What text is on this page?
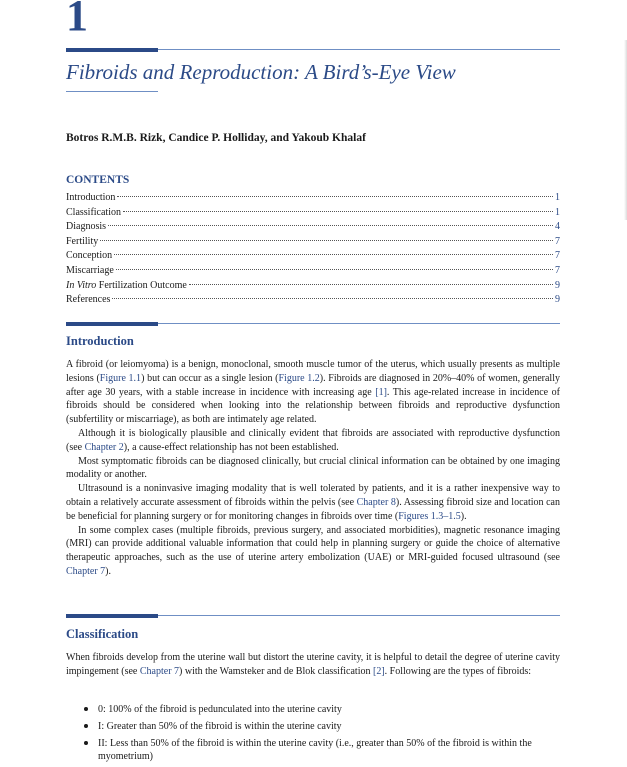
1
Fibroids and Reproduction: A Bird’s-Eye View
Botros R.M.B. Rizk, Candice P. Holliday, and Yakoub Khalaf
CONTENTS
Introduction	1
Classification	1
Diagnosis	4
Fertility	7
Conception	7
Miscarriage	7
In Vitro Fertilization Outcome	9
References	9
Introduction

A fibroid (or leiomyoma) is a benign, monoclonal, smooth muscle tumor of the uterus, which usually presents as multiple lesions (Figure 1.1) but can occur as a single lesion (Figure 1.2). Fibroids are diagnosed in 20%–40% of women, generally after age 30 years, with a stable increase in incidence with increasing age [1]. This age-related increase in incidence of fibroids should be considered when looking into the relationship between fibroids and reproductive dysfunction (subfertility or miscarriage), as both are intimately age related.

Although it is biologically plausible and clinically evident that fibroids are associated with reproductive dysfunction (see Chapter 2), a cause-effect relationship has not been established.

Most symptomatic fibroids can be diagnosed clinically, but crucial clinical information can be obtained by one imaging modality or another.

Ultrasound is a noninvasive imaging modality that is well tolerated by patients, and it is a rather inexpensive way to obtain a relatively accurate assessment of fibroids within the pelvis (see Chapter 8). Assessing fibroid size and location can be beneficial for planning surgery or for monitoring changes in fibroids over time (Figures 1.3–1.5).

In some complex cases (multiple fibroids, previous surgery, and associated morbidities), magnetic resonance imaging (MRI) can provide additional valuable information that could help in planning surgery or guide the choice of alternative therapeutic approaches, such as the use of uterine artery embolization (UAE) or MRI-guided focused ultrasound (see Chapter 7).

Classification

When fibroids develop from the uterine wall but distort the uterine cavity, it is helpful to detail the degree of uterine cavity impingement (see Chapter 7) with the Wamsteker and de Blok classification [2]. Following are the types of fibroids:

0: 100% of the fibroid is pedunculated into the uterine cavity
I: Greater than 50% of the fibroid is within the uterine cavity
II: Less than 50% of the fibroid is within the uterine cavity (i.e., greater than 50% of the fibroid is within the myometrium)
